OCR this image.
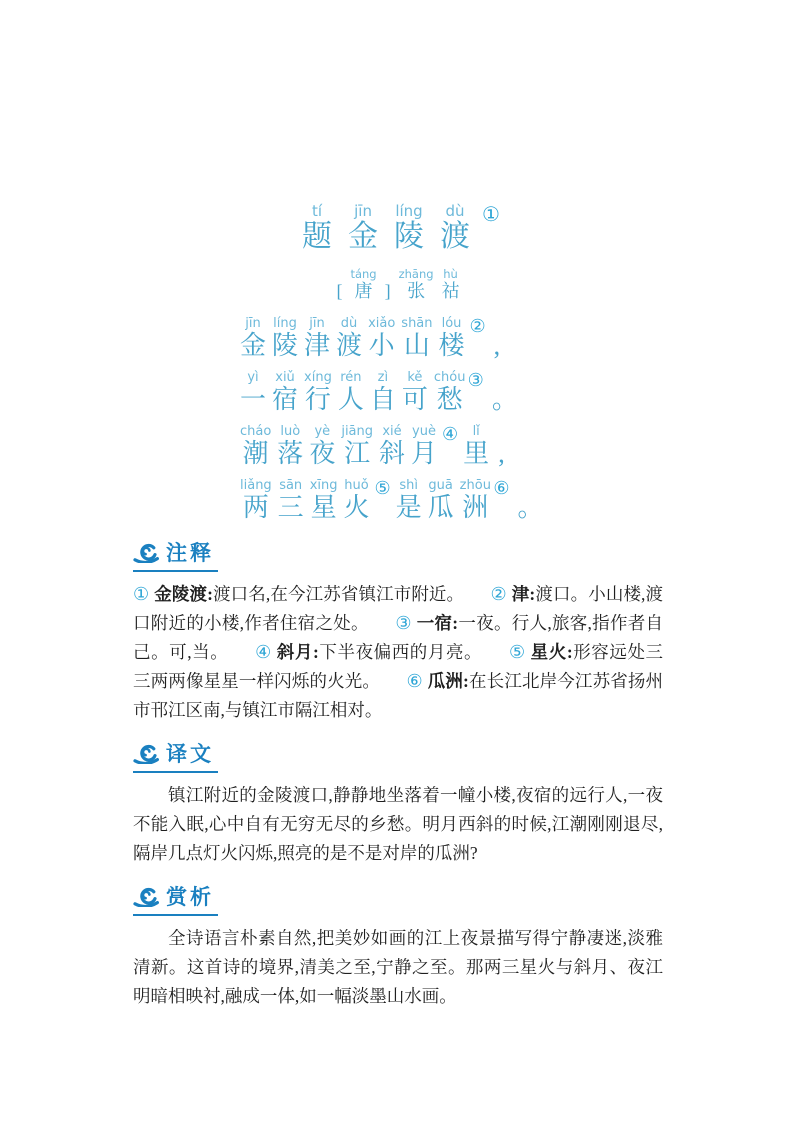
题tí金jīn陵líng渡dù ①
[ 唐táng] 张zhāng祜hù
金jīn陵líng津jīn渡dù小xiǎo山shān楼lóu ②,
一yì宿xiǔ行xíng人rén自zì可kě愁chóu ③。
潮cháo落luò夜yè江jiāng斜xié月yuè ④里lǐ,
两liǎng三sān星xīng火huǒ ⑤是shì瓜guā洲zhōu ⑥。
注释

① 金陵渡:渡口名,在今江苏省镇江市附近。 ② 津:渡口。小山楼,渡口附近的小楼,作者住宿之处。 ③ 一宿:一夜。行人,旅客,指作者自己。可,当。 ④ 斜月:下半夜偏西的月亮。 ⑤ 星火:形容远处三三两两像星星一样闪烁的火光。 ⑥ 瓜洲:在长江北岸今江苏省扬州市邗江区南,与镇江市隔江相对。

译文

镇江附近的金陵渡口,静静地坐落着一幢小楼,夜宿的远行人,一夜不能入眠,心中自有无穷无尽的乡愁。明月西斜的时候,江潮刚刚退尽,隔岸几点灯火闪烁,照亮的是不是对岸的瓜洲?

赏析

全诗语言朴素自然,把美妙如画的江上夜景描写得宁静凄迷,淡雅清新。这首诗的境界,清美之至,宁静之至。那两三星火与斜月、夜江明暗相映衬,融成一体,如一幅淡墨山水画。
